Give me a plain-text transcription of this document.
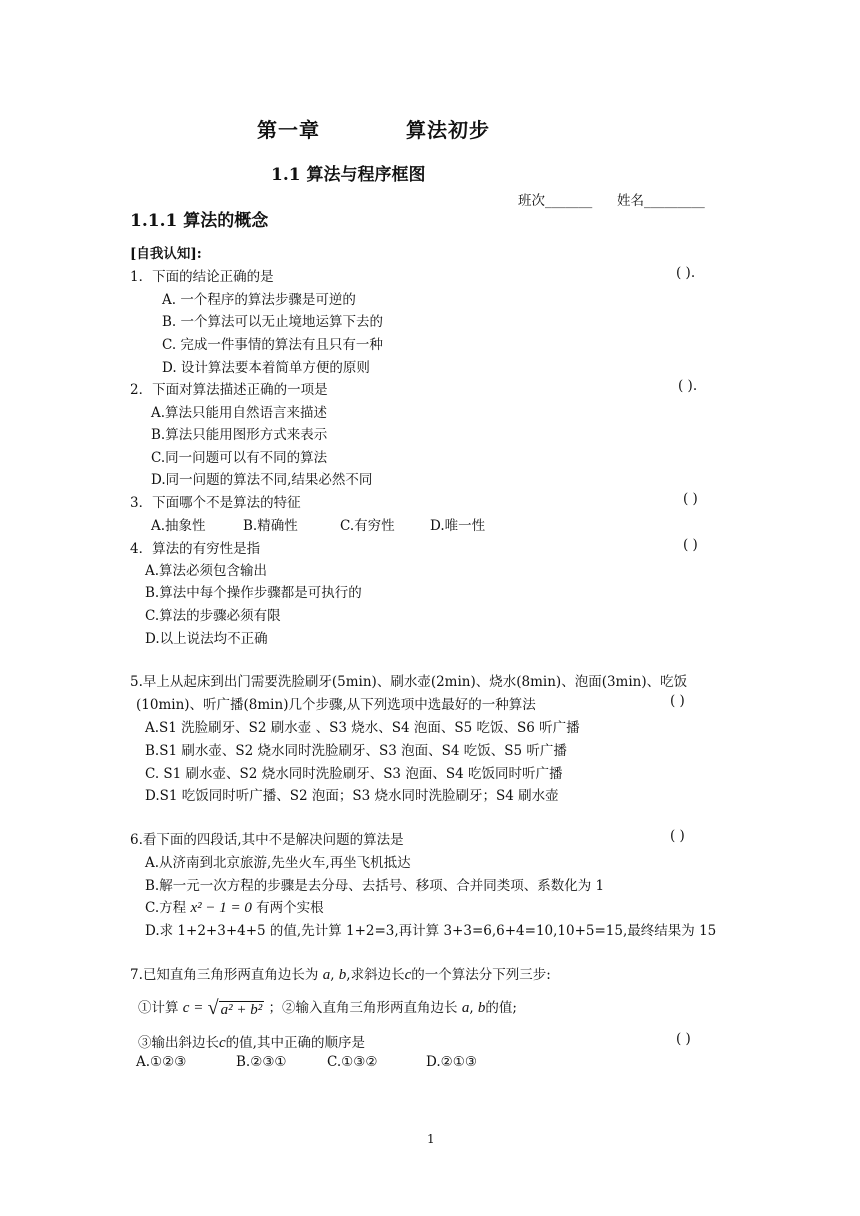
第一章	算法初步
1.1 算法与程序框图
班次_______ 姓名_________
1.1.1 算法的概念
[自我认知]:
1．下面的结论正确的是	( ).
A. 一个程序的算法步骤是可逆的
B. 一个算法可以无止境地运算下去的
C. 完成一件事情的算法有且只有一种
D. 设计算法要本着简单方便的原则
2．下面对算法描述正确的一项是	( ).
A.算法只能用自然语言来描述
B.算法只能用图形方式来表示
C.同一问题可以有不同的算法
D.同一问题的算法不同,结果必然不同
3．下面哪个不是算法的特征	( )
A.抽象性	B.精确性	C.有穷性	D.唯一性
4．算法的有穷性是指	( )
A.算法必须包含输出
B.算法中每个操作步骤都是可执行的
C.算法的步骤必须有限
D.以上说法均不正确
5.早上从起床到出门需要洗脸刷牙(5min)、刷水壶(2min)、烧水(8min)、泡面(3min)、吃饭
(10min)、听广播(8min)几个步骤,从下列选项中选最好的一种算法	( )
A.S1 洗脸刷牙、S2 刷水壶 、S3 烧水、S4 泡面、S5 吃饭、S6 听广播
B.S1 刷水壶、S2 烧水同时洗脸刷牙、S3 泡面、S4 吃饭、S5 听广播
C. S1 刷水壶、S2 烧水同时洗脸刷牙、S3 泡面、S4 吃饭同时听广播
D.S1 吃饭同时听广播、S2 泡面；S3 烧水同时洗脸刷牙；S4 刷水壶
6.看下面的四段话,其中不是解决问题的算法是	( )
A.从济南到北京旅游,先坐火车,再坐飞机抵达
B.解一元一次方程的步骤是去分母、去括号、移项、合并同类项、系数化为 1
C.方程 x² − 1 = 0 有两个实根
D.求 1+2+3+4+5 的值,先计算 1+2=3,再计算 3+3=6,6+4=10,10+5=15,最终结果为 15
7.已知直角三角形两直角边长为 a, b,求斜边长c的一个算法分下列三步:
①计算 c = √ a² + b² ；②输入直角三角形两直角边长 a, b的值;
③输出斜边长c的值,其中正确的顺序是	( )
A.①②③	B.②③①	C.①③②	D.②①③
1
